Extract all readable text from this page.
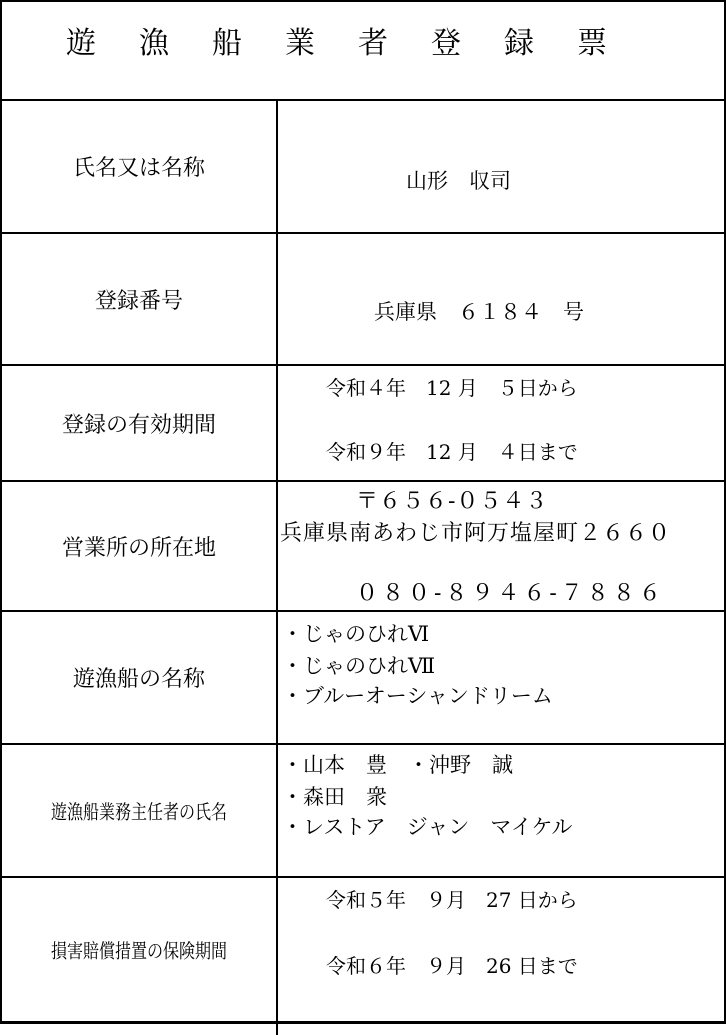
遊漁船業者登録票
氏名又は名称	山形　収司
登録番号	兵庫県　６１８４　号
登録の有効期間
令和４年　12 月　５日から
令和９年　12 月　４日まで
営業所の所在地
〒６５６-０５４３
兵庫県南あわじ市阿万塩屋町２６６０
０８０-８９４６-７８８６
遊漁船の名称
・じゃのひれⅥ
・じゃのひれⅦ
・ブルーオーシャンドリーム
遊漁船業務主任者の氏名
・山本　豊　・沖野　誠
・森田　衆
・レストア　ジャン　マイケル
損害賠償措置の保険期間
令和５年　９月　27 日から
令和６年　９月　26 日まで
